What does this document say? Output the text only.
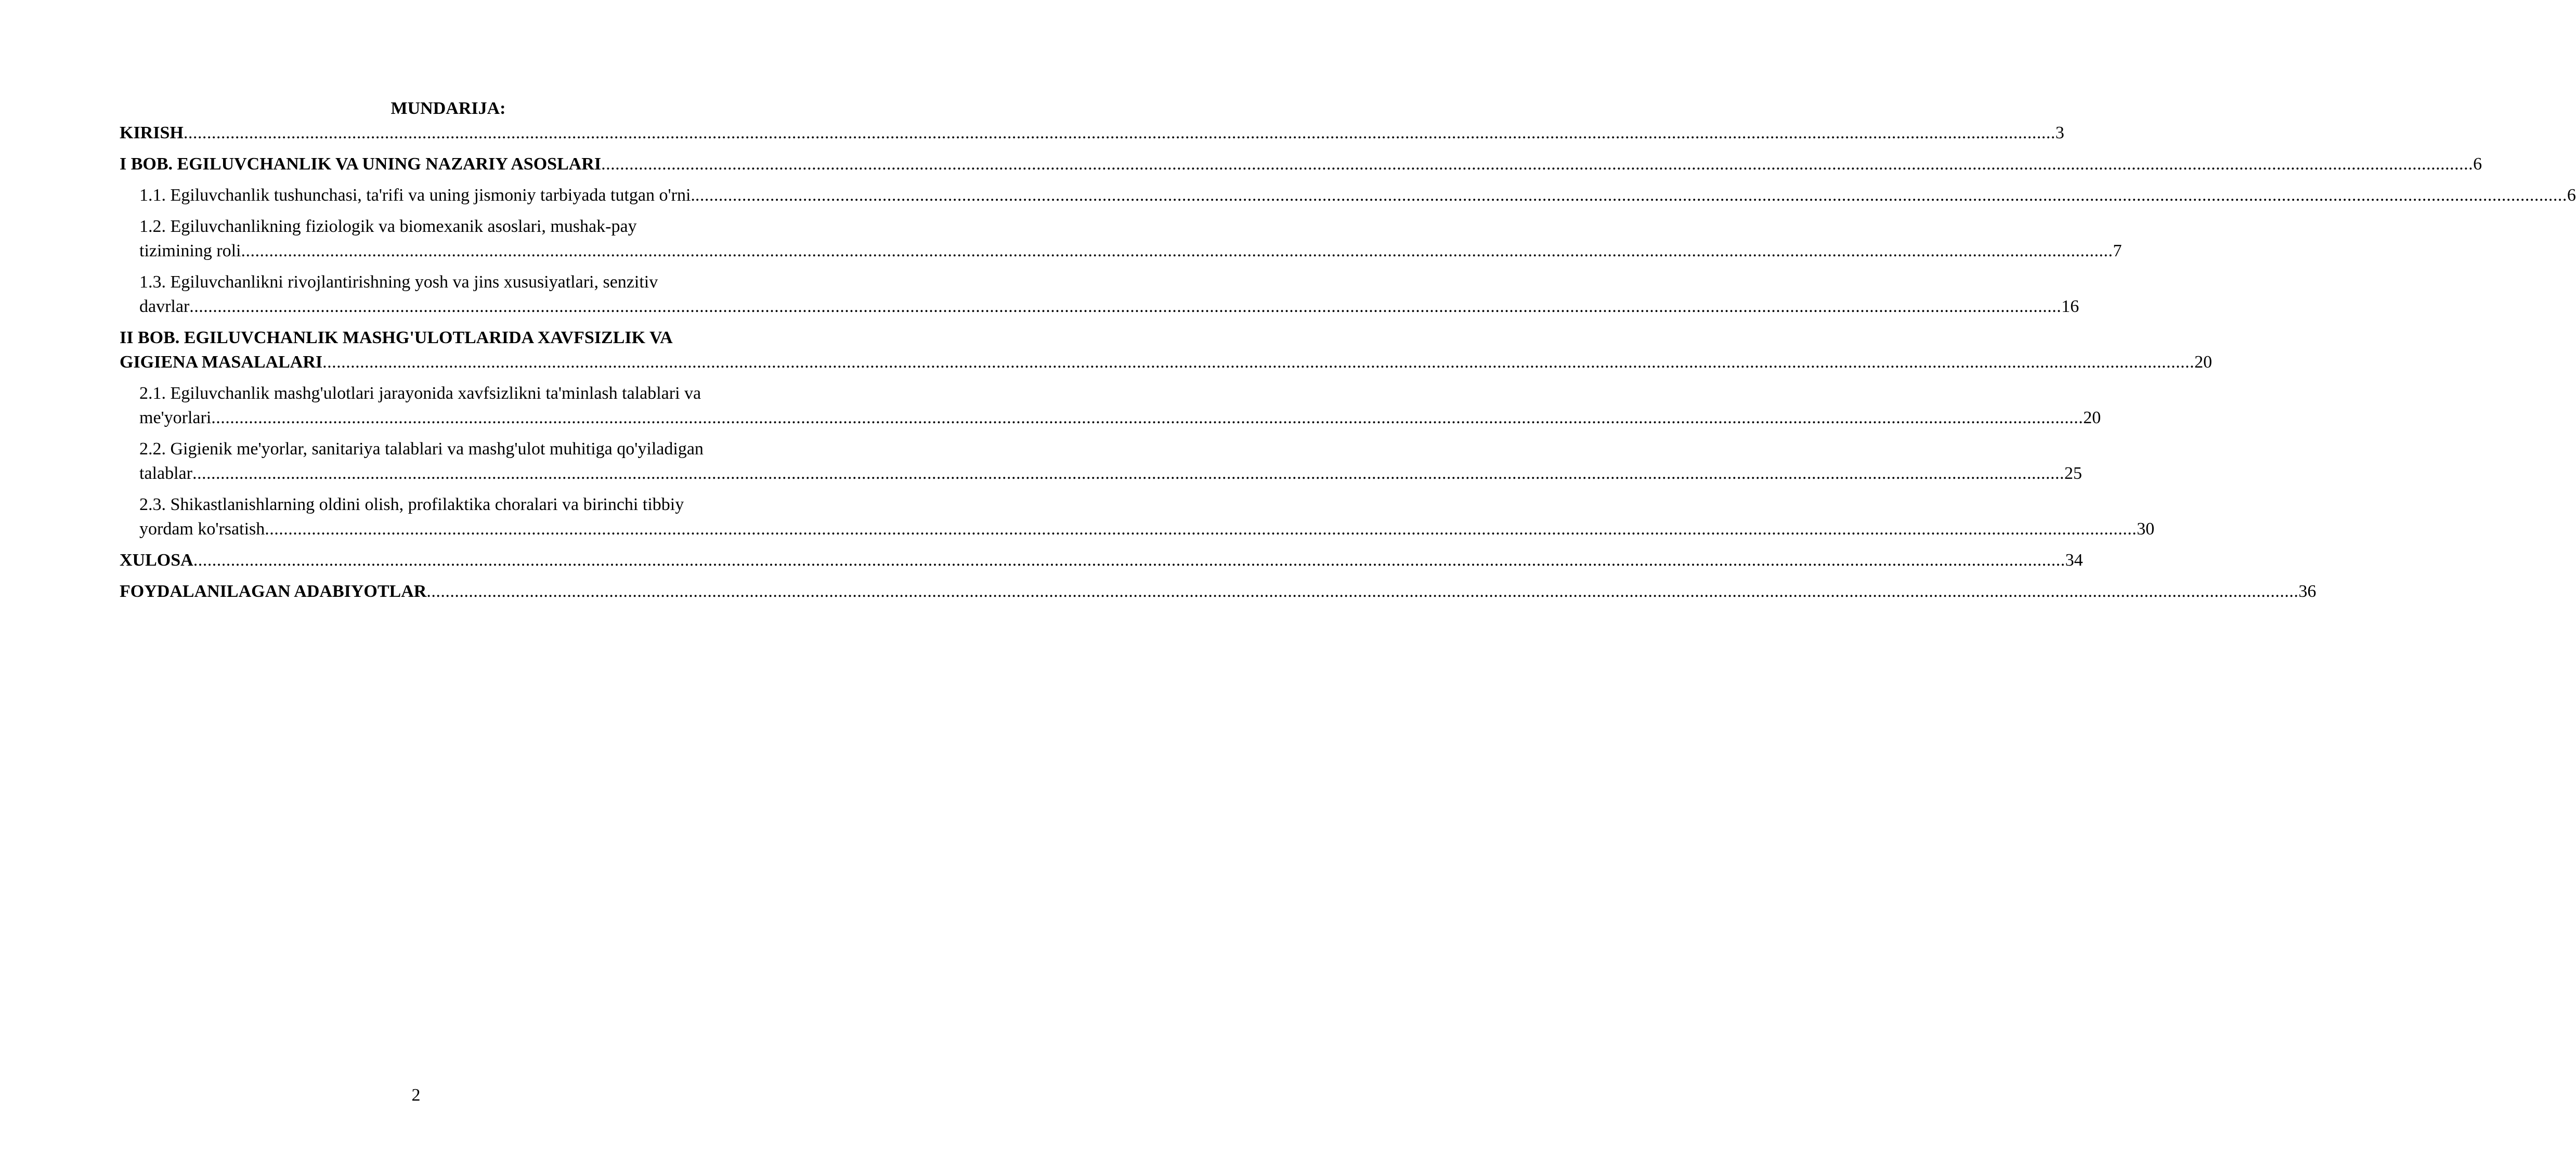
MUNDARIJA:
KIRISH ................................................................................................................................................................................................................................................................................................................................................................................................................ 3
I BOB. EGILUVCHANLIK VA UNING NAZARIY ASOSLARI ................................................................................................................................................................................................................................................................................................................................................................................................................ 6
1.1. Egiluvchanlik tushunchasi, ta'rifi va uning jismoniy tarbiyada tutgan o'rni. ................................................................................................................................................................................................................................................................................................................................................................................................................ 6
1.2. Egiluvchanlikning fiziologik va biomexanik asoslari, mushak-pay
tizimining roli ................................................................................................................................................................................................................................................................................................................................................................................................................ 7
1.3. Egiluvchanlikni rivojlantirishning yosh va jins xususiyatlari, senzitiv
davrlar ................................................................................................................................................................................................................................................................................................................................................................................................................ 16
II BOB. EGILUVCHANLIK MASHG'ULOTLARIDA XAVFSIZLIK VA
GIGIENA MASALALARI ................................................................................................................................................................................................................................................................................................................................................................................................................ 20
2.1. Egiluvchanlik mashg'ulotlari jarayonida xavfsizlikni ta'minlash talablari va
me'yorlari ................................................................................................................................................................................................................................................................................................................................................................................................................ 20
2.2. Gigienik me'yorlar, sanitariya talablari va mashg'ulot muhitiga qo'yiladigan
talablar ................................................................................................................................................................................................................................................................................................................................................................................................................ 25
2.3. Shikastlanishlarning oldini olish, profilaktika choralari va birinchi tibbiy
yordam ko'rsatish ................................................................................................................................................................................................................................................................................................................................................................................................................ 30
XULOSA ................................................................................................................................................................................................................................................................................................................................................................................................................ 34
FOYDALANILAGAN ADABIYOTLAR ................................................................................................................................................................................................................................................................................................................................................................................................................ 36
2
